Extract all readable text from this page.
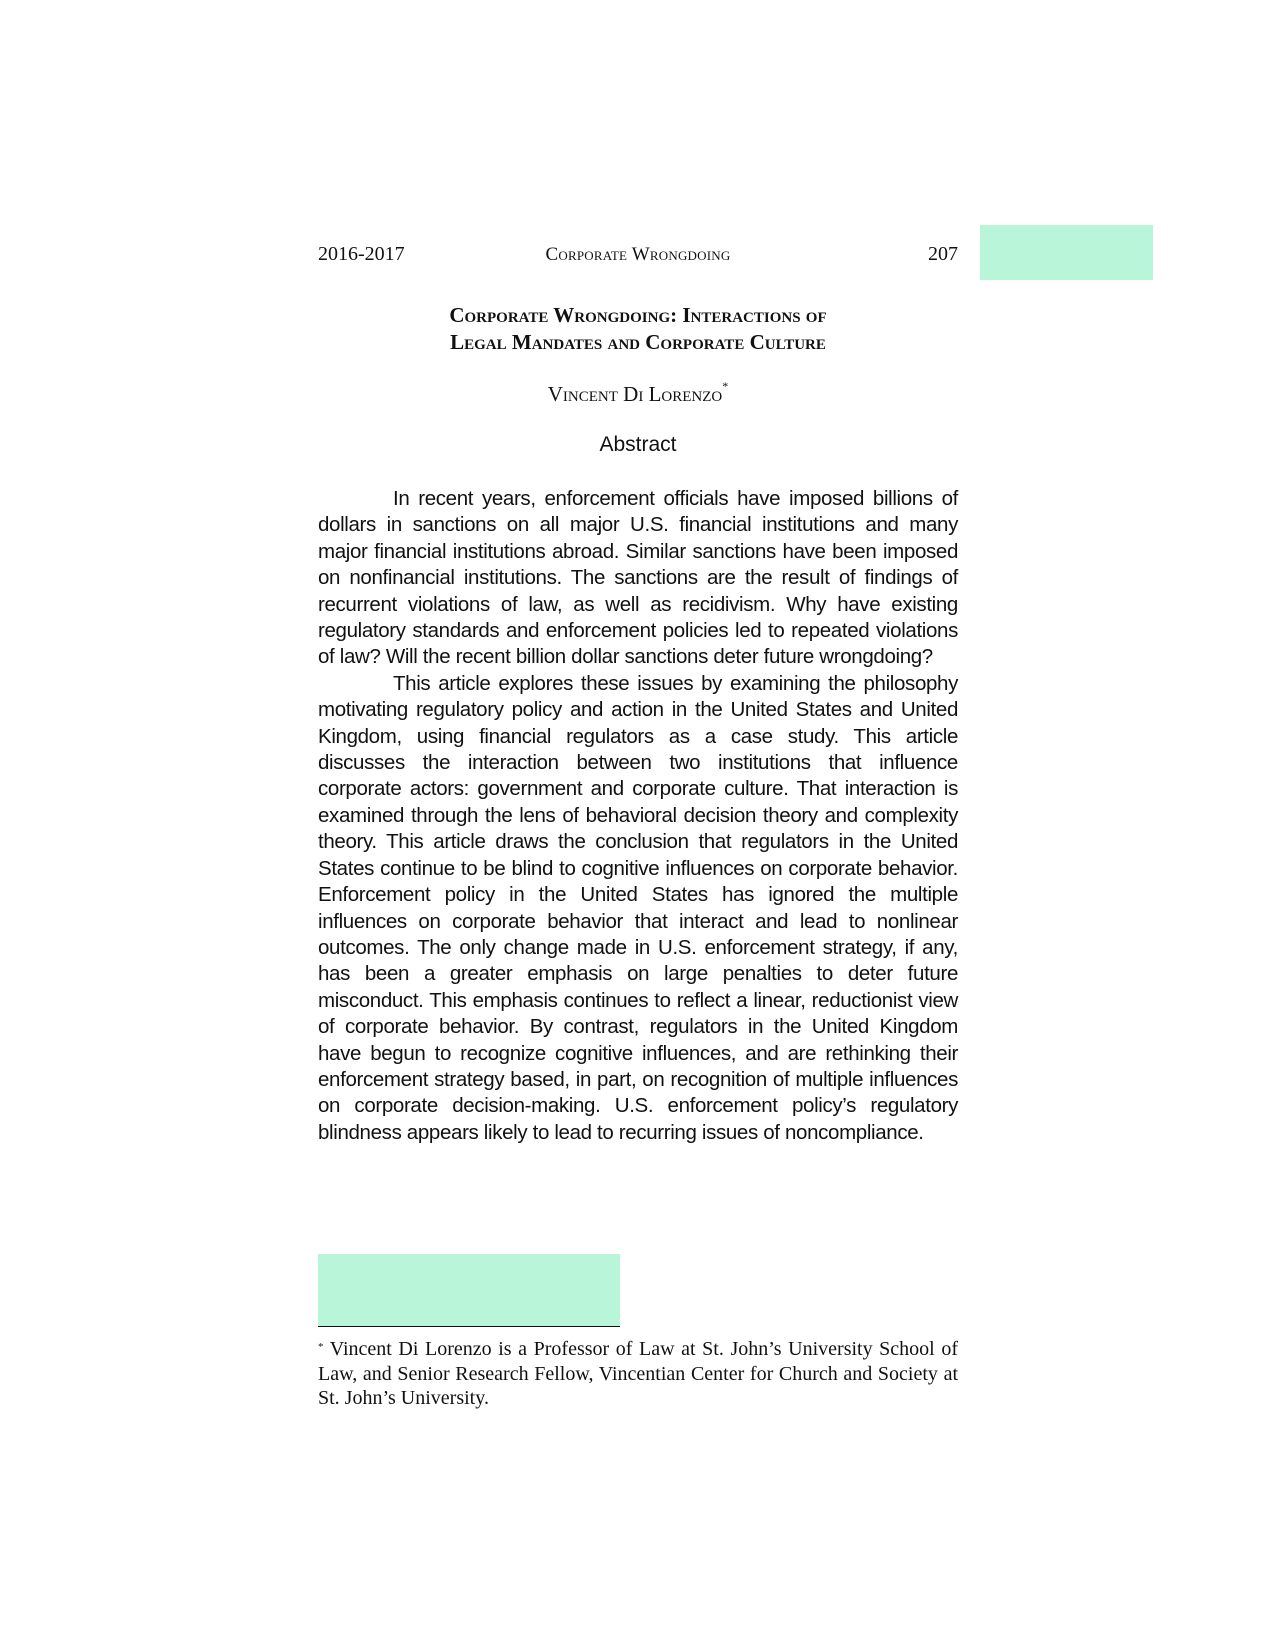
2016-2017	Corporate Wrongdoing	207
Corporate Wrongdoing: Interactions of
Legal Mandates and Corporate Culture
Vincent Di Lorenzo*
Abstract

In recent years, enforcement officials have imposed billions of dollars in sanctions on all major U.S. financial institutions and many major financial institutions abroad. Similar sanctions have been imposed on nonfinancial institutions. The sanctions are the result of findings of recurrent violations of law, as well as recidivism. Why have existing regulatory standards and enforcement policies led to repeated violations of law? Will the recent billion dollar sanctions deter future wrongdoing?

This article explores these issues by examining the philosophy motivating regulatory policy and action in the United States and United Kingdom, using financial regulators as a case study. This article discusses the interaction between two institutions that influence corporate actors: government and corporate culture. That interaction is examined through the lens of behavioral decision theory and complexity theory. This article draws the conclusion that regulators in the United States continue to be blind to cognitive influences on corporate behavior. Enforcement policy in the United States has ignored the multiple influences on corporate behavior that interact and lead to nonlinear outcomes. The only change made in U.S. enforcement strategy, if any, has been a greater emphasis on large penalties to deter future misconduct. This emphasis continues to reflect a linear, reductionist view of corporate behavior. By contrast, regulators in the United Kingdom have begun to recognize cognitive influences, and are rethinking their enforcement strategy based, in part, on recognition of multiple influences on corporate decision-making. U.S. enforcement policy’s regulatory blindness appears likely to lead to recurring issues of noncompliance.

* Vincent Di Lorenzo is a Professor of Law at St. John’s University School of Law, and Senior Research Fellow, Vincentian Center for Church and Society at St. John’s University.
